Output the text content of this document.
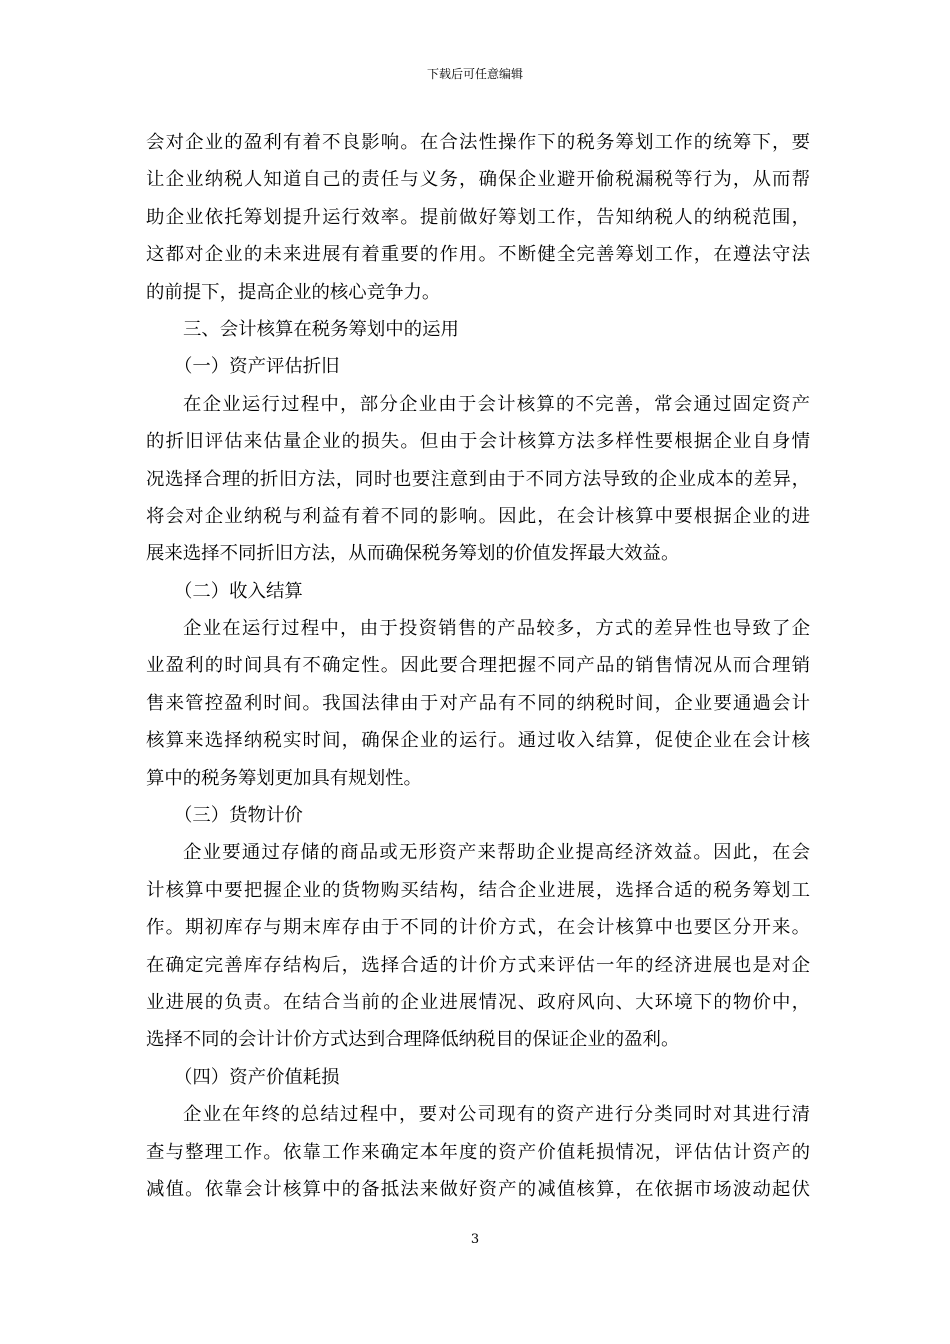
下载后可任意编辑
会对企业的盈利有着不良影响。在合法性操作下的税务筹划工作的统筹下，要
让企业纳税人知道自己的责任与义务，确保企业避开偷税漏税等行为，从而帮
助企业依托筹划提升运行效率。提前做好筹划工作，告知纳税人的纳税范围，
这都对企业的未来进展有着重要的作用。不断健全完善筹划工作，在遵法守法
的前提下，提高企业的核心竞争力。
三、会计核算在税务筹划中的运用
（一）资产评估折旧
在企业运行过程中，部分企业由于会计核算的不完善，常会通过固定资产
的折旧评估来估量企业的损失。但由于会计核算方法多样性要根据企业自身情
况选择合理的折旧方法，同时也要注意到由于不同方法导致的企业成本的差异，
将会对企业纳税与利益有着不同的影响。因此，在会计核算中要根据企业的进
展来选择不同折旧方法，从而确保税务筹划的价值发挥最大效益。
（二）收入结算
企业在运行过程中，由于投资销售的产品较多，方式的差异性也导致了企
业盈利的时间具有不确定性。因此要合理把握不同产品的销售情况从而合理销
售来管控盈利时间。我国法律由于对产品有不同的纳税时间，企业要通過会计
核算来选择纳税实时间，确保企业的运行。通过收入结算，促使企业在会计核
算中的税务筹划更加具有规划性。
（三）货物计价
企业要通过存储的商品或无形资产来帮助企业提高经济效益。因此，在会
计核算中要把握企业的货物购买结构，结合企业进展，选择合适的税务筹划工
作。期初库存与期末库存由于不同的计价方式，在会计核算中也要区分开来。
在确定完善库存结构后，选择合适的计价方式来评估一年的经济进展也是对企
业进展的负责。在结合当前的企业进展情况、政府风向、大环境下的物价中，
选择不同的会计计价方式达到合理降低纳税目的保证企业的盈利。
（四）资产价值耗损
企业在年终的总结过程中，要对公司现有的资产进行分类同时对其进行清
查与整理工作。依靠工作来确定本年度的资产价值耗损情况，评估估计资产的
减值。依靠会计核算中的备抵法来做好资产的减值核算，在依据市场波动起伏
3
